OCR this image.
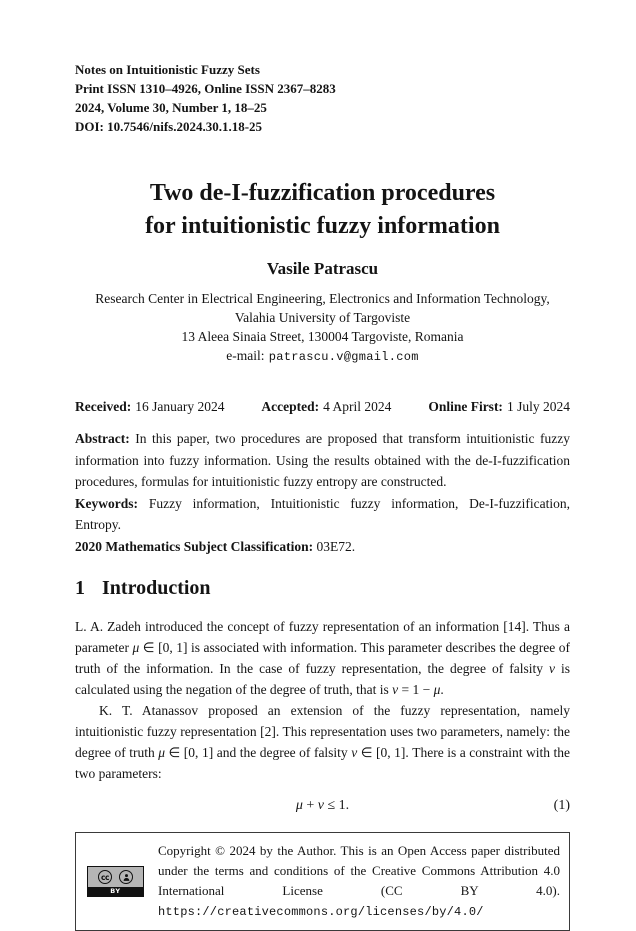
Notes on Intuitionistic Fuzzy Sets
Print ISSN 1310–4926, Online ISSN 2367–8283
2024, Volume 30, Number 1, 18–25
DOI: 10.7546/nifs.2024.30.1.18-25
Two de-I-fuzzification procedures
for intuitionistic fuzzy information
Vasile Patrascu
Research Center in Electrical Engineering, Electronics and Information Technology,
Valahia University of Targoviste
13 Aleea Sinaia Street, 130004 Targoviste, Romania
e-mail: patrascu.v@gmail.com
Received: 16 January 2024	Accepted: 4 April 2024	Online First: 1 July 2024
Abstract: In this paper, two procedures are proposed that transform intuitionistic fuzzy information into fuzzy information. Using the results obtained with the de-I-fuzzification procedures, formulas for intuitionistic fuzzy entropy are constructed.
Keywords: Fuzzy information, Intuitionistic fuzzy information, De-I-fuzzification, Entropy.
2020 Mathematics Subject Classification: 03E72.
1 Introduction

L. A. Zadeh introduced the concept of fuzzy representation of an information [14]. Thus a parameter μ ∈ [0, 1] is associated with information. This parameter describes the degree of truth of the information. In the case of fuzzy representation, the degree of falsity ν is calculated using the negation of the degree of truth, that is ν = 1 − μ.

K. T. Atanassov proposed an extension of the fuzzy representation, namely intuitionistic fuzzy representation [2]. This representation uses two parameters, namely: the degree of truth μ ∈ [0, 1] and the degree of falsity ν ∈ [0, 1]. There is a constraint with the two parameters:

μ + ν ≤ 1.	(1)
cc
BY
Copyright © 2024 by the Author. This is an Open Access paper distributed under the terms and conditions of the Creative Commons Attribution 4.0 International License (CC BY 4.0). https://creativecommons.org/licenses/by/4.0/
